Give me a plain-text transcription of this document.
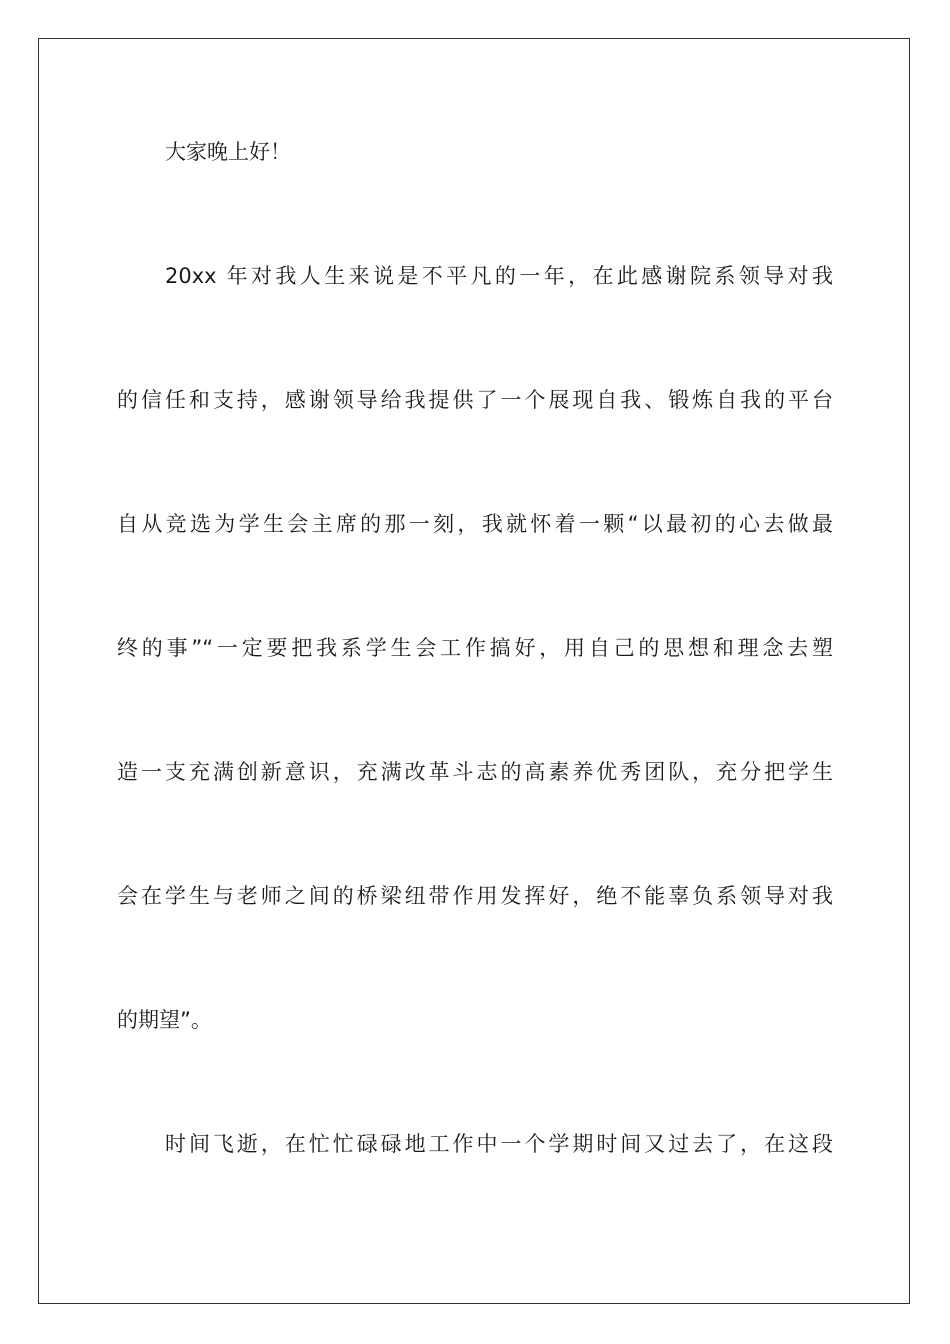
大家晚上好！

20xx 年对我人生来说是不平凡的一年，在此感谢院系领导对我

的信任和支持，感谢领导给我提供了一个展现自我、锻炼自我的平台

自从竞选为学生会主席的那一刻，我就怀着一颗“以最初的心去做最

终的事”“一定要把我系学生会工作搞好，用自己的思想和理念去塑

造一支充满创新意识，充满改革斗志的高素养优秀团队，充分把学生

会在学生与老师之间的桥梁纽带作用发挥好，绝不能辜负系领导对我

的期望”。

时间飞逝，在忙忙碌碌地工作中一个学期时间又过去了，在这段
